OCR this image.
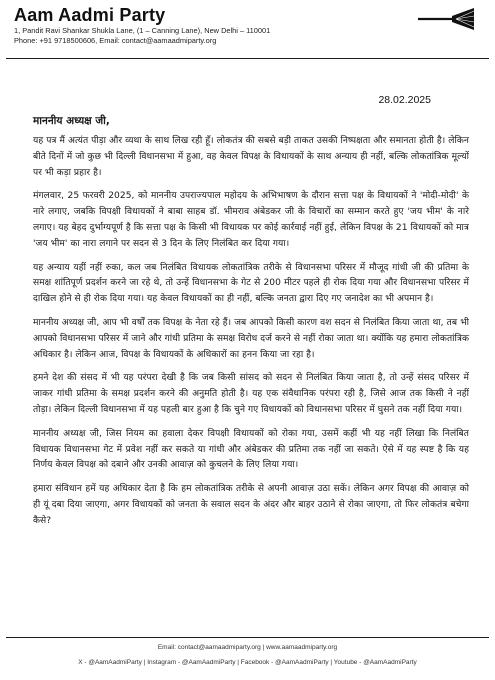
Aam Aadmi Party
1, Pandit Ravi Shankar Shukla Lane, (1 – Canning Lane), New Delhi – 110001
Phone: +91 9718500606, Email: contact@aamaadmiparty.org
28.02.2025
माननीय अध्यक्ष जी,

यह पत्र मैं अत्यंत पीड़ा और व्यथा के साथ लिख रही हूँ। लोकतंत्र की सबसे बड़ी ताकत उसकी निष्पक्षता और समानता होती है। लेकिन बीते दिनों में जो कुछ भी दिल्ली विधानसभा में हुआ, वह केवल विपक्ष के विधायकों के साथ अन्याय ही नहीं, बल्कि लोकतांत्रिक मूल्यों पर भी कड़ा प्रहार है।

मंगलवार, 25 फरवरी 2025, को माननीय उपराज्यपाल महोदय के अभिभाषण के दौरान सत्ता पक्ष के विधायकों ने 'मोदी-मोदी' के नारे लगाए, जबकि विपक्षी विधायकों ने बाबा साहब डॉ. भीमराव अंबेडकर जी के विचारों का सम्मान करते हुए 'जय भीम' के नारे लगाए। यह बेहद दुर्भाग्यपूर्ण है कि सत्ता पक्ष के किसी भी विधायक पर कोई कार्रवाई नहीं हुई, लेकिन विपक्ष के 21 विधायकों को मात्र 'जय भीम' का नारा लगाने पर सदन से 3 दिन के लिए निलंबित कर दिया गया।

यह अन्याय यहीं नहीं रुका, कल जब निलंबित विधायक लोकतांत्रिक तरीके से विधानसभा परिसर में मौजूद गांधी जी की प्रतिमा के समक्ष शांतिपूर्ण प्रदर्शन करने जा रहे थे, तो उन्हें विधानसभा के गेट से 200 मीटर पहले ही रोक दिया गया और विधानसभा परिसर में दाखिल होने से ही रोक दिया गया। यह केवल विधायकों का ही नहीं, बल्कि जनता द्वारा दिए गए जनादेश का भी अपमान है।

माननीय अध्यक्ष जी, आप भी वर्षों तक विपक्ष के नेता रहे हैं। जब आपको किसी कारण वश सदन से निलंबित किया जाता था, तब भी आपको विधानसभा परिसर में जाने और गांधी प्रतिमा के समक्ष विरोध दर्ज करने से नहीं रोका जाता था। क्योंकि यह हमारा लोकतांत्रिक अधिकार है। लेकिन आज, विपक्ष के विधायकों के अधिकारों का हनन किया जा रहा है।

हमने देश की संसद में भी यह परंपरा देखी है कि जब किसी सांसद को सदन से निलंबित किया जाता है, तो उन्हें संसद परिसर में जाकर गांधी प्रतिमा के समक्ष प्रदर्शन करने की अनुमति होती है। यह एक संवैधानिक परंपरा रही है, जिसे आज तक किसी ने नहीं तोड़ा। लेकिन दिल्ली विधानसभा में यह पहली बार हुआ है कि चुने गए विधायकों को विधानसभा परिसर में घुसने तक नहीं दिया गया।

माननीय अध्यक्ष जी, जिस नियम का हवाला देकर विपक्षी विधायकों को रोका गया, उसमें कहीं भी यह नहीं लिखा कि निलंबित विधायक विधानसभा गेट में प्रवेश नहीं कर सकते या गांधी और अंबेडकर की प्रतिमा तक नहीं जा सकते। ऐसे में यह स्पष्ट है कि यह निर्णय केवल विपक्ष को दबाने और उनकी आवाज़ को कुचलने के लिए लिया गया।

हमारा संविधान हमें यह अधिकार देता है कि हम लोकतांत्रिक तरीके से अपनी आवाज़ उठा सकें। लेकिन अगर विपक्ष की आवाज़ को ही यूं दबा दिया जाएगा, अगर विधायकों को जनता के सवाल सदन के अंदर और बाहर उठाने से रोका जाएगा, तो फिर लोकतंत्र बचेगा कैसे?

Email: contact@aamaadmiparty.org | www.aamaadmiparty.org
X - @AamAadmiParty | Instagram - @AamAadmiParty | Facebook - @AamAadmiParty | Youtube - @AamAadmiParty
